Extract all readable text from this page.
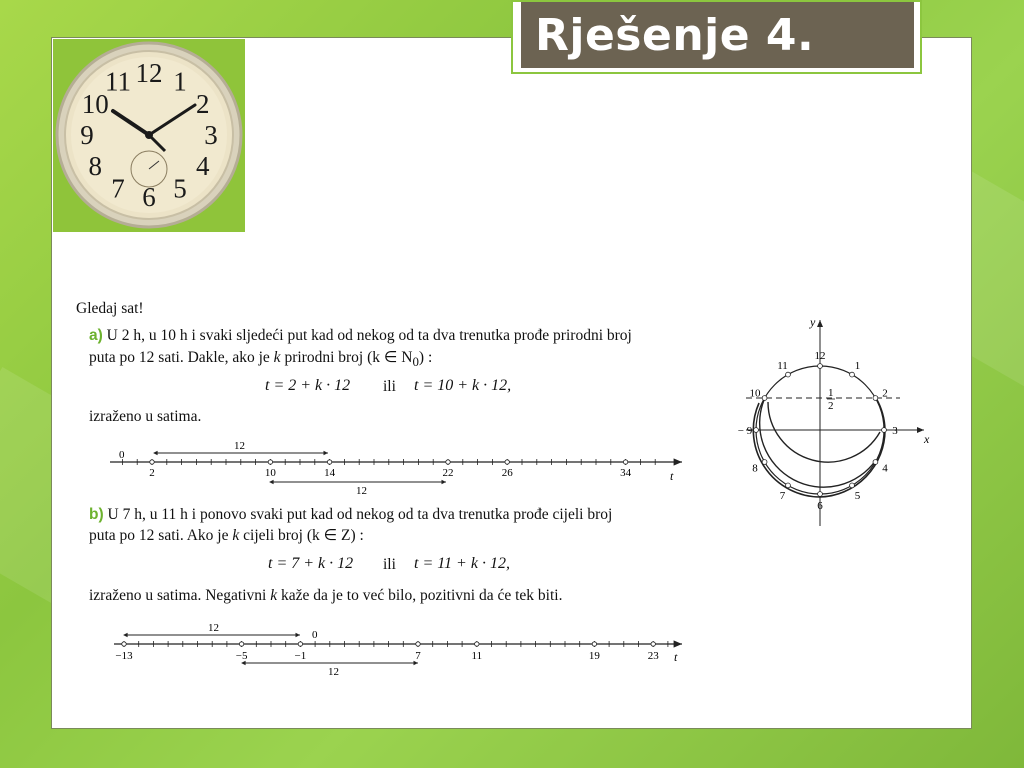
Rješenje 4.
12 1
2
3
4
5
6
7
8
9
10
11
Gledaj sat!
a) U 2 h, u 10 h i svaki sljedeći put kad od nekog od ta dva trenutka prođe prirodni broj
puta po 12 sati. Dakle, ako je k prirodni broj (k ∈ $N_0$) :
t = 2 + k · 12 ili t = 10 + k · 12,
izraženo u satima.
2	10	14	22	26	34
12
12
0
t
b) U 7 h, u 11 h i ponovo svaki put kad od nekog od ta dva trenutka prođe cijeli broj
puta po 12 sati. Ako je k cijeli broj (k ∈ Z) :
t = 7 + k · 12 ili t = 11 + k · 12,
izraženo u satima. Negativni k kaže da je to već bilo, pozitivni da će tek biti.
−13	−5	−1	7	11	19	23
12
12
0
t
12
1
2
3
4
5
6
7
8
− 9
10
11
1
2
x
y
